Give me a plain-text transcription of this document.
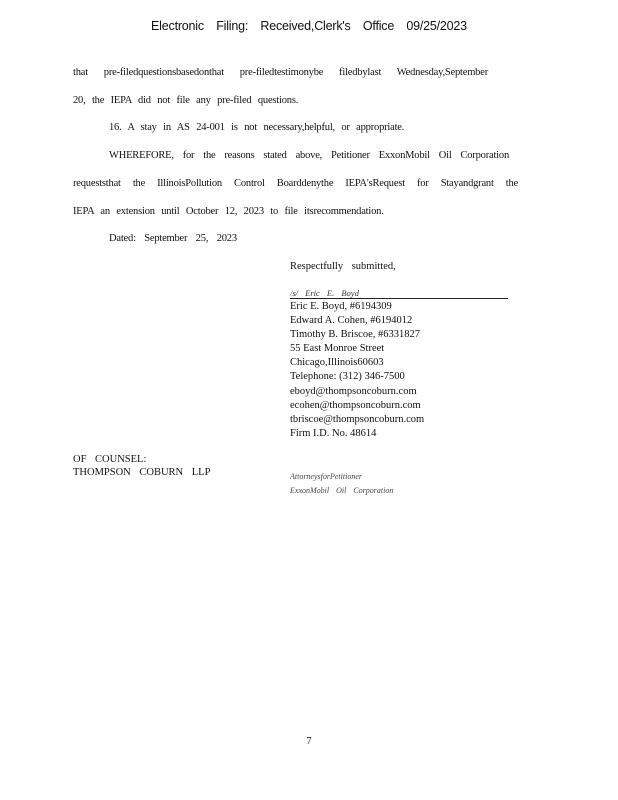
Electronic Filing: Received,Clerk's Office 09/25/2023
that pre-filedquestionsbasedonthat pre-filedtestimonybe filedbylast Wednesday,September
20, the IEPA did not file any pre-filed questions.
16. A stay in AS 24-001 is not necessary,helpful, or appropriate.
WHEREFORE, for the reasons stated above, Petitioner ExxonMobil Oil Corporation
requeststhat the IllinoisPollution Control Boarddenythe IEPA'sRequest for Stayandgrant the
IEPA an extension until October 12, 2023 to file itsrecommendation.
Dated: September 25, 2023
Respectfully submitted,
/s/ Eric E. Boyd
Eric E. Boyd, #6194309
Edward A. Cohen, #6194012
Timothy B. Briscoe, #6331827
55 East Monroe Street
Chicago,Illinois60603
Telephone: (312) 346-7500
eboyd@thompsoncoburn.com
ecohen@thompsoncoburn.com
tbriscoe@thompsoncoburn.com
Firm I.D. No. 48614
OF COUNSEL:
THOMPSON COBURN LLP	AttorneysforPetitioner
ExxonMobil Oil Corporation
7
